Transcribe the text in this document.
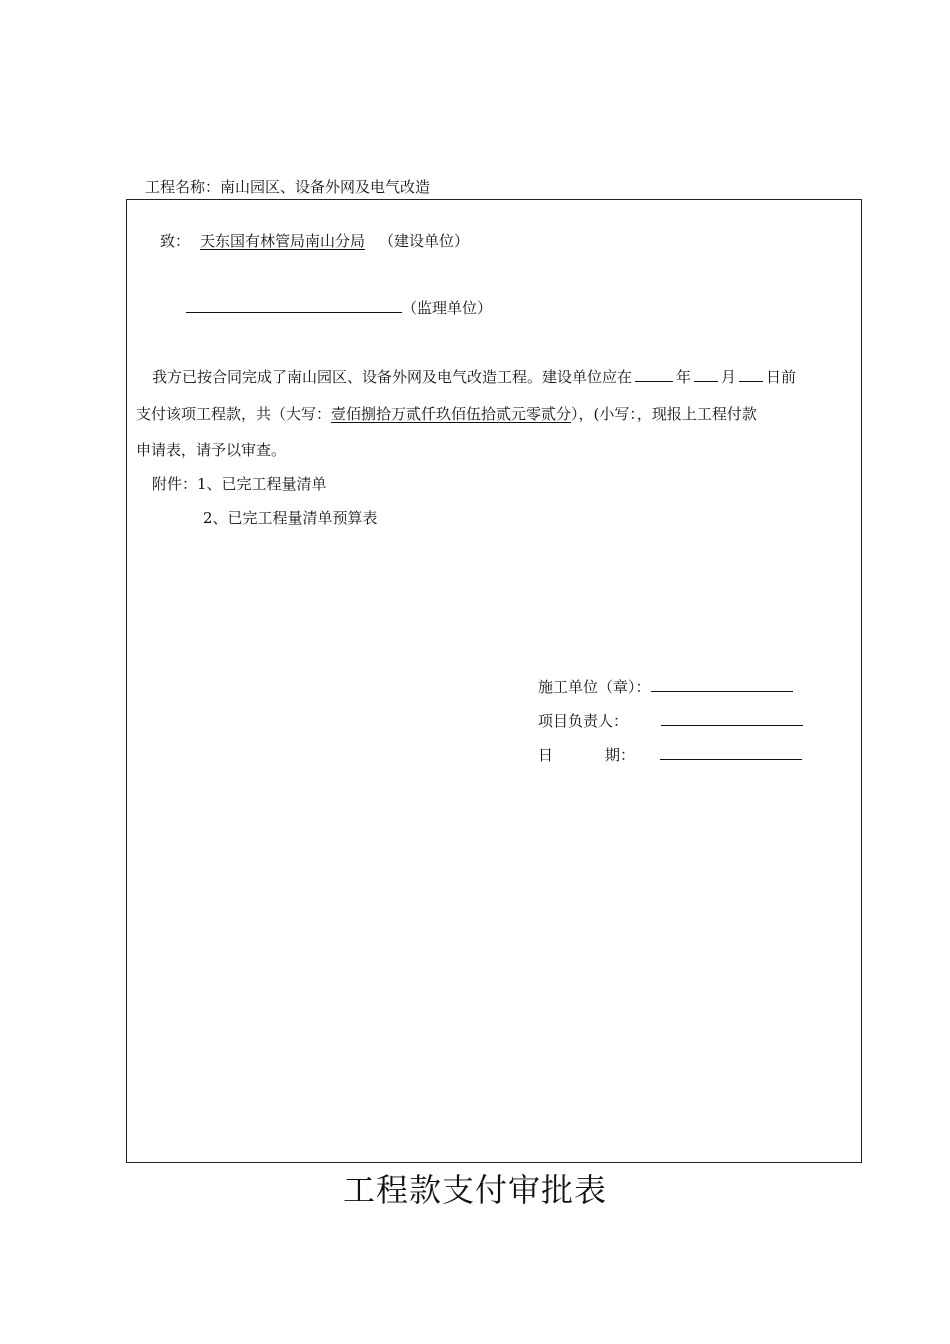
工程名称：南山园区、设备外网及电气改造
致： 天东国有林管局南山分局 （建设单位）
（监理单位）
我方已按合同完成了南山园区、设备外网及电气改造工程。建设单位应在	年 月 日前
支付该项工程款，共（大写：壹佰捌拾万贰仟玖佰伍拾贰元零贰分），(小写：，现报上工程付款
申请表，请予以审查。
附件：1、已完工程量清单
2、已完工程量清单预算表
施工单位（章）：
项目负责人：
日	期：
工程款支付审批表
